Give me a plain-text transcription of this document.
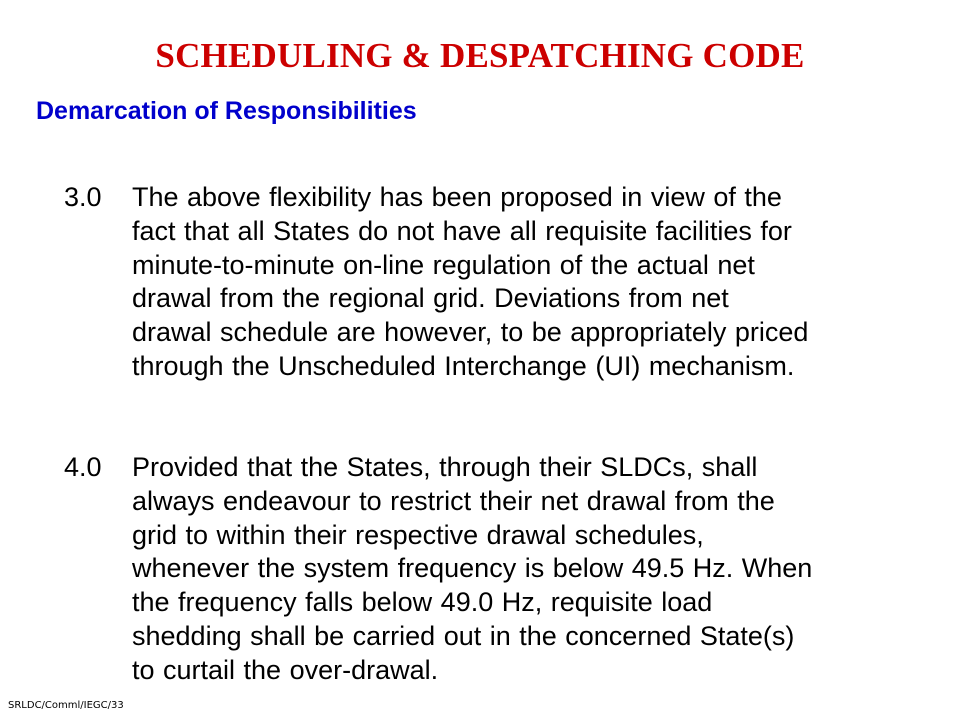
SCHEDULING & DESPATCHING CODE
Demarcation of Responsibilities
3.0 The above flexibility has been proposed in view of the
fact that all States do not have all requisite facilities for
minute-to-minute on-line regulation of the actual net
drawal from the regional grid. Deviations from net
drawal schedule are however, to be appropriately priced
through the Unscheduled Interchange (UI) mechanism.
4.0 Provided that the States, through their SLDCs, shall
always endeavour to restrict their net drawal from the
grid to within their respective drawal schedules,
whenever the system frequency is below 49.5 Hz. When
the frequency falls below 49.0 Hz, requisite load
shedding shall be carried out in the concerned State(s)
to curtail the over-drawal.
SRLDC/Comml/IEGC/33
